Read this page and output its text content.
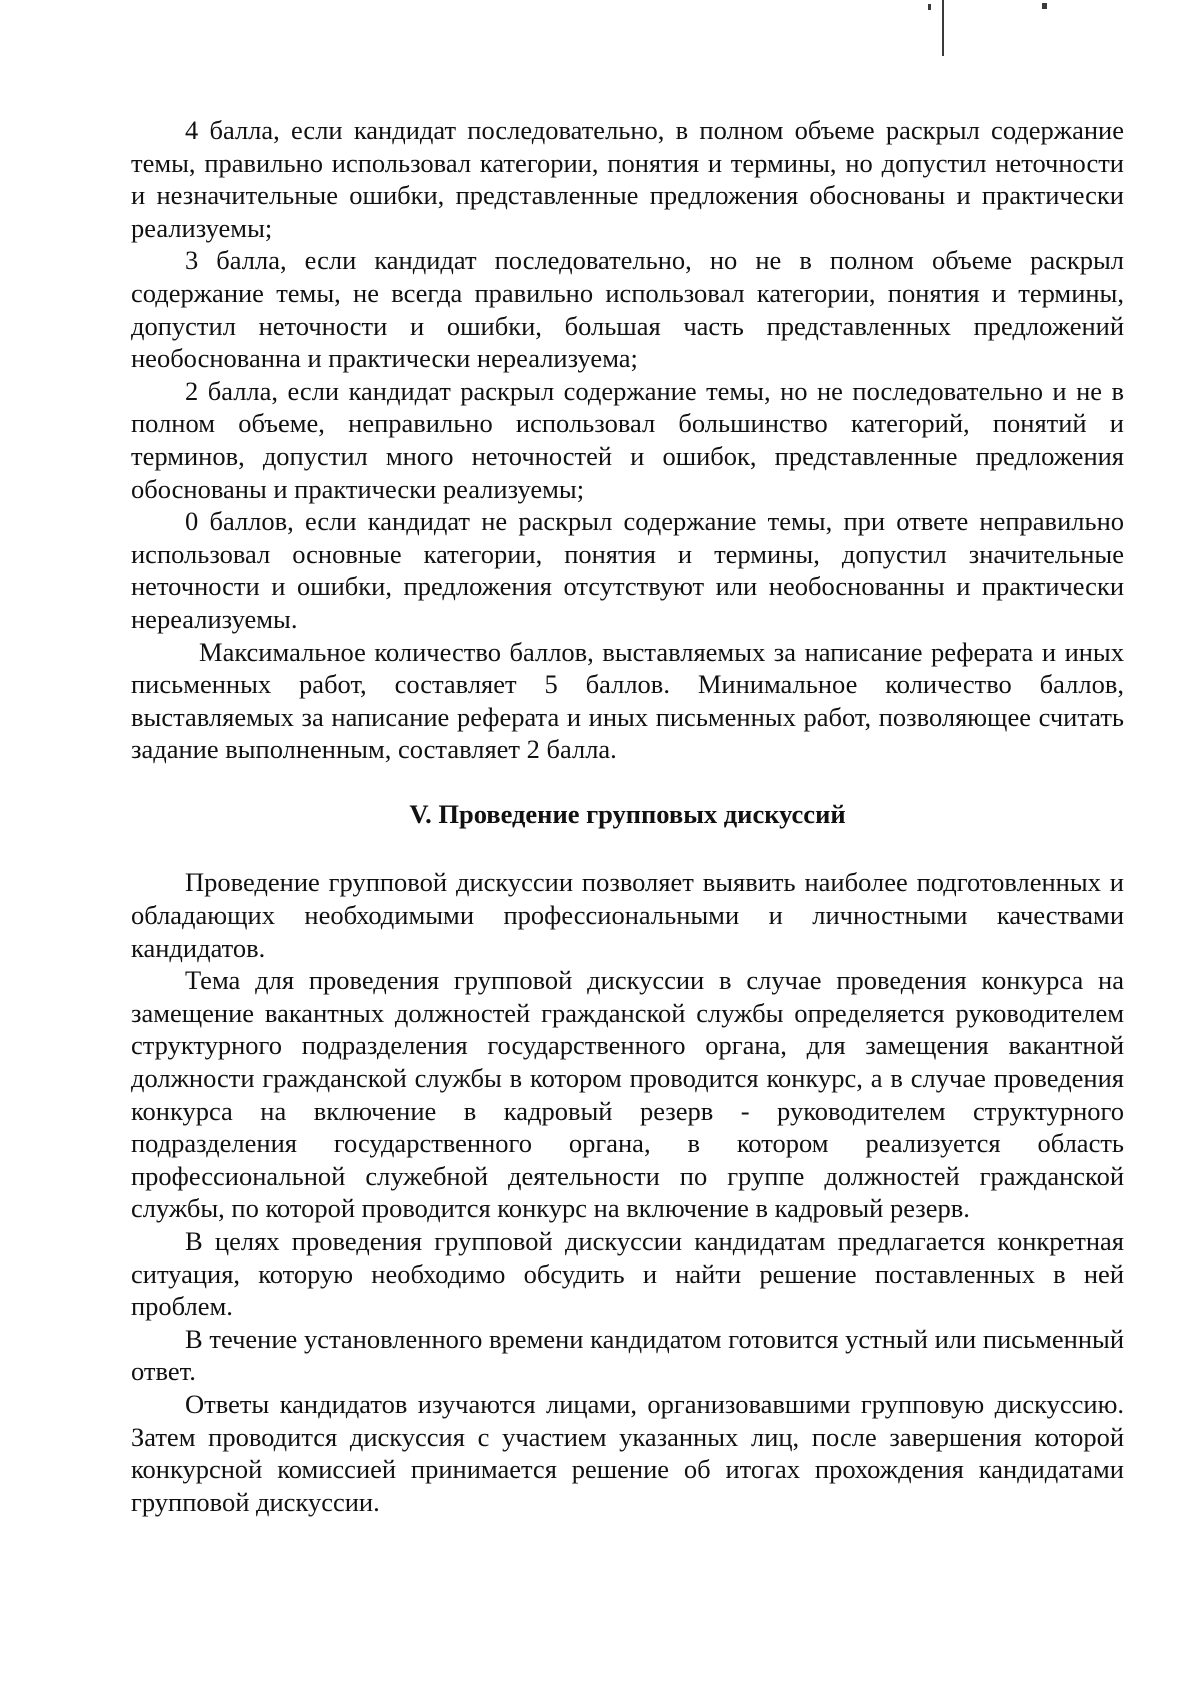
4 балла, если кандидат последовательно, в полном объеме раскрыл содержание темы, правильно использовал категории, понятия и термины, но допустил неточности и незначительные ошибки, представленные предложения обоснованы и практически реализуемы;

3 балла, если кандидат последовательно, но не в полном объеме раскрыл содержание темы, не всегда правильно использовал категории, понятия и термины, допустил неточности и ошибки, большая часть представленных предложений необоснованна и практически нереализуема;

2 балла, если кандидат раскрыл содержание темы, но не последовательно и не в полном объеме, неправильно использовал большинство категорий, понятий и терминов, допустил много неточностей и ошибок, представленные предложения обоснованы и практически реализуемы;

0 баллов, если кандидат не раскрыл содержание темы, при ответе неправильно использовал основные категории, понятия и термины, допустил значительные неточности и ошибки, предложения отсутствуют или необоснованны и практически нереализуемы.

Максимальное количество баллов, выставляемых за написание реферата и иных письменных работ, составляет 5 баллов. Минимальное количество баллов, выставляемых за написание реферата и иных письменных работ, позволяющее считать задание выполненным, составляет 2 балла.

V. Проведение групповых дискуссий

Проведение групповой дискуссии позволяет выявить наиболее подготовленных и обладающих необходимыми профессиональными и личностными качествами кандидатов.

Тема для проведения групповой дискуссии в случае проведения конкурса на замещение вакантных должностей гражданской службы определяется руководителем структурного подразделения государственного органа, для замещения вакантной должности гражданской службы в котором проводится конкурс, а в случае проведения конкурса на включение в кадровый резерв - руководителем структурного подразделения государственного органа, в котором реализуется область профессиональной служебной деятельности по группе должностей гражданской службы, по которой проводится конкурс на включение в кадровый резерв.

В целях проведения групповой дискуссии кандидатам предлагается конкретная ситуация, которую необходимо обсудить и найти решение поставленных в ней проблем.

В течение установленного времени кандидатом готовится устный или письменный ответ.

Ответы кандидатов изучаются лицами, организовавшими групповую дискуссию. Затем проводится дискуссия с участием указанных лиц, после завершения которой конкурсной комиссией принимается решение об итогах прохождения кандидатами групповой дискуссии.
